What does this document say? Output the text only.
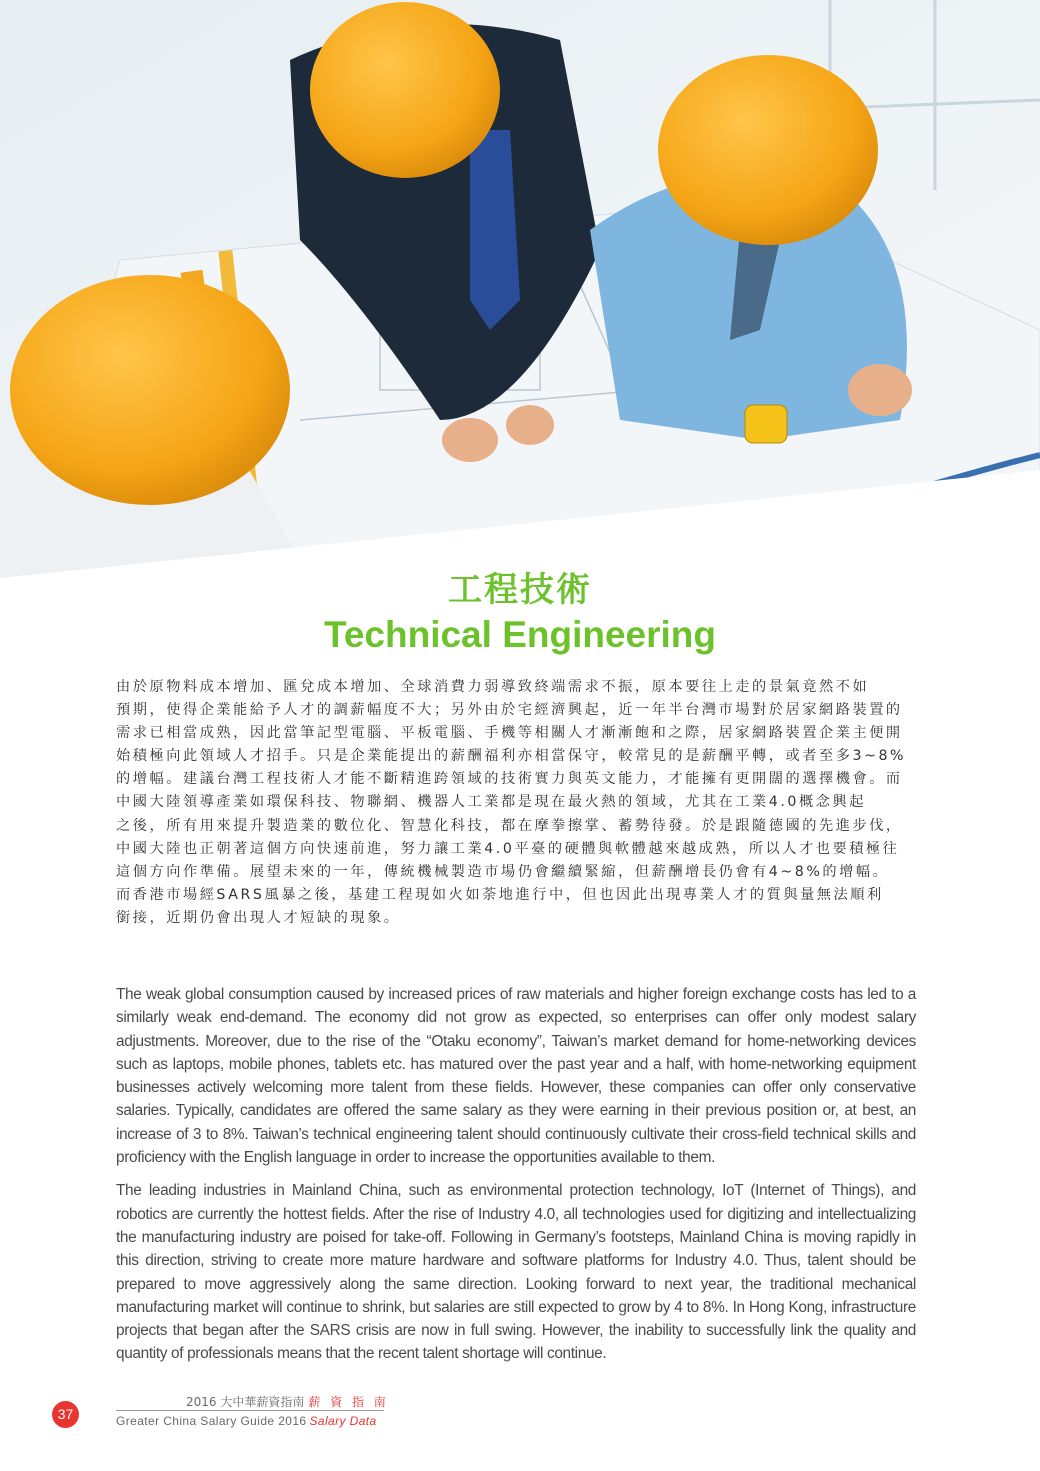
工程技術
Technical Engineering
由於原物料成本增加、匯兌成本增加、全球消費力弱導致終端需求不振，原本要往上走的景氣竟然不如
預期，使得企業能給予人才的調薪幅度不大；另外由於宅經濟興起，近一年半台灣市場對於居家網路裝置的
需求已相當成熟，因此當筆記型電腦、平板電腦、手機等相關人才漸漸飽和之際，居家網路裝置企業主便開
始積極向此領域人才招手。只是企業能提出的薪酬福利亦相當保守，較常見的是薪酬平轉，或者至多3~8%
的增幅。建議台灣工程技術人才能不斷精進跨領域的技術實力與英文能力，才能擁有更開闊的選擇機會。而
中國大陸領導產業如環保科技、物聯網、機器人工業都是現在最火熱的領域，尤其在工業4.0概念興起
之後，所有用來提升製造業的數位化、智慧化科技，都在摩拳擦掌、蓄勢待發。於是跟隨德國的先進步伐，
中國大陸也正朝著這個方向快速前進，努力讓工業4.0平臺的硬體與軟體越來越成熟，所以人才也要積極往
這個方向作準備。展望未來的一年，傳統機械製造市場仍會繼續緊縮，但薪酬增長仍會有4~8%的增幅。
而香港市場經SARS風暴之後，基建工程現如火如荼地進行中，但也因此出現專業人才的質與量無法順利
銜接，近期仍會出現人才短缺的現象。

The weak global consumption caused by increased prices of raw materials and higher foreign exchange costs has led to a similarly weak end-demand. The economy did not grow as expected, so enterprises can offer only modest salary adjustments. Moreover, due to the rise of the “Otaku economy”, Taiwan’s market demand for home-networking devices such as laptops, mobile phones, tablets etc. has matured over the past year and a half, with home-networking equipment businesses actively welcoming more talent from these fields. However, these companies can offer only conservative salaries. Typically, candidates are offered the same salary as they were earning in their previous position or, at best, an increase of 3 to 8%. Taiwan’s technical engineering talent should continuously cultivate their cross-field technical skills and proficiency with the English language in order to increase the opportunities available to them.

The leading industries in Mainland China, such as environmental protection technology, IoT (Internet of Things), and robotics are currently the hottest fields. After the rise of Industry 4.0, all technologies used for digitizing and intellectualizing the manufacturing industry are poised for take-off. Following in Germany’s footsteps, Mainland China is moving rapidly in this direction, striving to create more mature hardware and software platforms for Industry 4.0. Thus, talent should be prepared to move aggressively along the same direction. Looking forward to next year, the traditional mechanical manufacturing market will continue to shrink, but salaries are still expected to grow by 4 to 8%. In Hong Kong, infrastructure projects that began after the SARS crisis are now in full swing. However, the inability to successfully link the quality and quantity of professionals means that the recent talent shortage will continue.

37
2016 大中華薪資指南 薪 資 指 南
Greater China Salary Guide 2016 Salary Data
